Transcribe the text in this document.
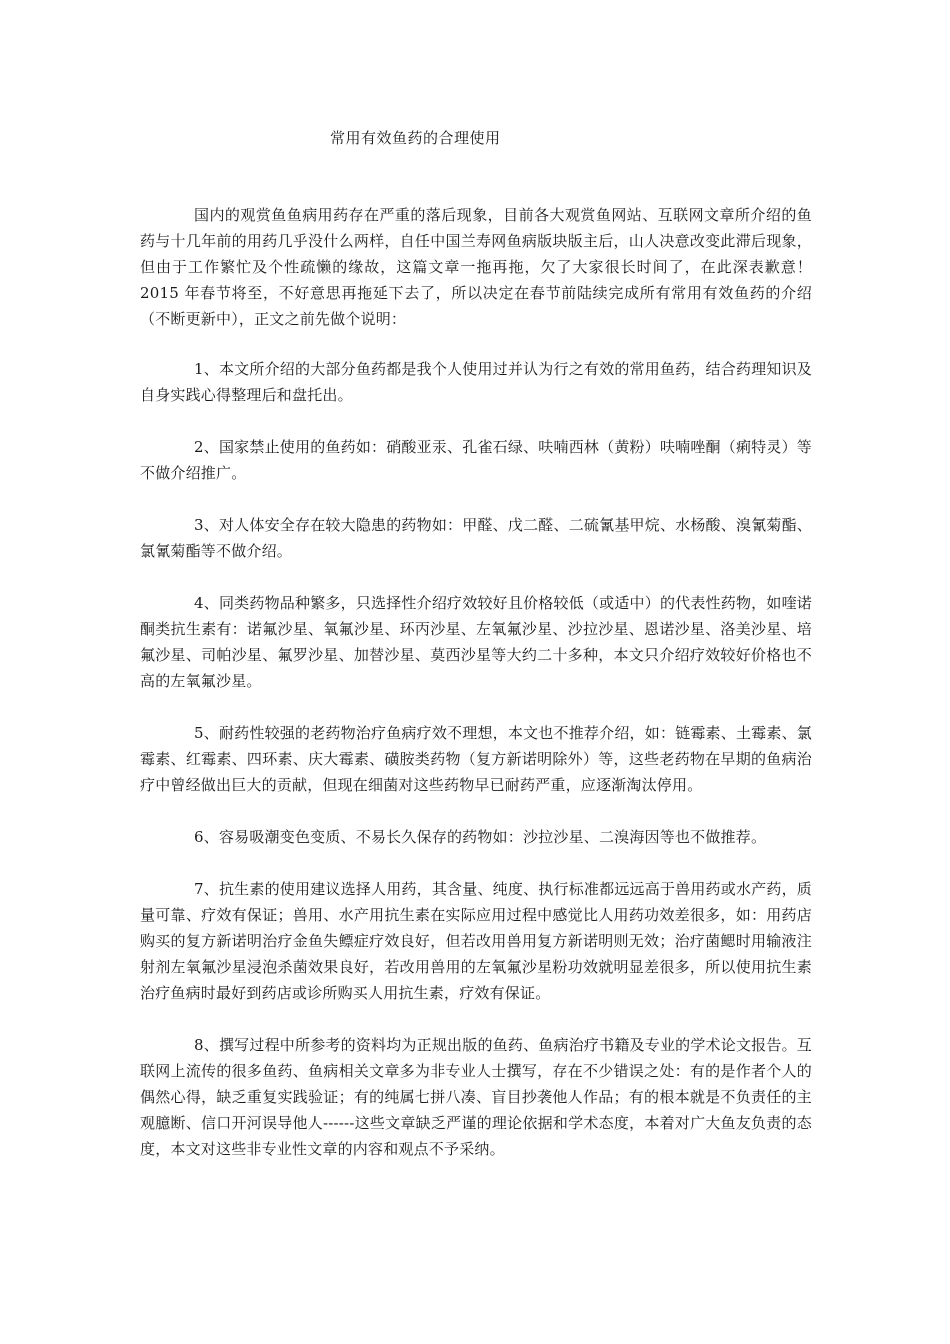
常用有效鱼药的合理使用

国内的观赏鱼鱼病用药存在严重的落后现象，目前各大观赏鱼网站、互联网文章所介绍的鱼药与十几年前的用药几乎没什么两样，自任中国兰寿网鱼病版块版主后，山人决意改变此滞后现象，但由于工作繁忙及个性疏懒的缘故，这篇文章一拖再拖，欠了大家很长时间了，在此深表歉意！2015 年春节将至，不好意思再拖延下去了，所以决定在春节前陆续完成所有常用有效鱼药的介绍（不断更新中），正文之前先做个说明：

1、本文所介绍的大部分鱼药都是我个人使用过并认为行之有效的常用鱼药，结合药理知识及自身实践心得整理后和盘托出。

2、国家禁止使用的鱼药如：硝酸亚汞、孔雀石绿、呋喃西林（黄粉）呋喃唑酮（痢特灵）等不做介绍推广。

3、对人体安全存在较大隐患的药物如：甲醛、戊二醛、二硫氰基甲烷、水杨酸、溴氰菊酯、氯氰菊酯等不做介绍。

4、同类药物品种繁多，只选择性介绍疗效较好且价格较低（或适中）的代表性药物，如喹诺酮类抗生素有：诺氟沙星、氧氟沙星、环丙沙星、左氧氟沙星、沙拉沙星、恩诺沙星、洛美沙星、培氟沙星、司帕沙星、氟罗沙星、加替沙星、莫西沙星等大约二十多种，本文只介绍疗效较好价格也不高的左氧氟沙星。

5、耐药性较强的老药物治疗鱼病疗效不理想，本文也不推荐介绍，如：链霉素、土霉素、氯霉素、红霉素、四环素、庆大霉素、磺胺类药物（复方新诺明除外）等，这些老药物在早期的鱼病治疗中曾经做出巨大的贡献，但现在细菌对这些药物早已耐药严重，应逐渐淘汰停用。

6、容易吸潮变色变质、不易长久保存的药物如：沙拉沙星、二溴海因等也不做推荐。

7、抗生素的使用建议选择人用药，其含量、纯度、执行标准都远远高于兽用药或水产药，质量可靠、疗效有保证；兽用、水产用抗生素在实际应用过程中感觉比人用药功效差很多，如：用药店购买的复方新诺明治疗金鱼失鳔症疗效良好，但若改用兽用复方新诺明则无效；治疗菌鳃时用输液注射剂左氧氟沙星浸泡杀菌效果良好，若改用兽用的左氧氟沙星粉功效就明显差很多，所以使用抗生素治疗鱼病时最好到药店或诊所购买人用抗生素，疗效有保证。

8、撰写过程中所参考的资料均为正规出版的鱼药、鱼病治疗书籍及专业的学术论文报告。互联网上流传的很多鱼药、鱼病相关文章多为非专业人士撰写，存在不少错误之处：有的是作者个人的偶然心得，缺乏重复实践验证；有的纯属七拼八凑、盲目抄袭他人作品；有的根本就是不负责任的主观臆断、信口开河误导他人------这些文章缺乏严谨的理论依据和学术态度，本着对广大鱼友负责的态度，本文对这些非专业性文章的内容和观点不予采纳。
